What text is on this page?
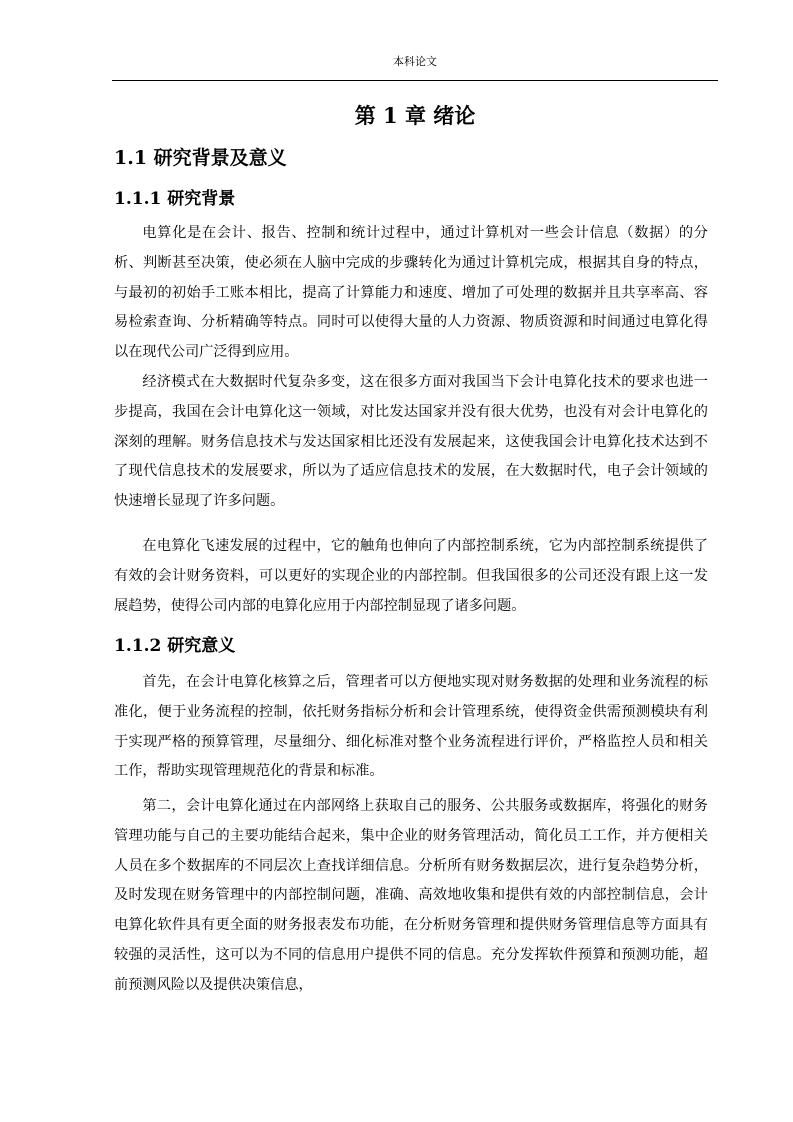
本科论文
第 1 章 绪论
1.1 研究背景及意义
1.1.1 研究背景

电算化是在会计、报告、控制和统计过程中，通过计算机对一些会计信息（数据）的分析、判断甚至决策，使必须在人脑中完成的步骤转化为通过计算机完成，根据其自身的特点，与最初的初始手工账本相比，提高了计算能力和速度、增加了可处理的数据并且共享率高、容易检索查询、分析精确等特点。同时可以使得大量的人力资源、物质资源和时间通过电算化得以在现代公司广泛得到应用。

经济模式在大数据时代复杂多变，这在很多方面对我国当下会计电算化技术的要求也进一步提高，我国在会计电算化这一领域，对比发达国家并没有很大优势，也没有对会计电算化的深刻的理解。财务信息技术与发达国家相比还没有发展起来，这使我国会计电算化技术达到不了现代信息技术的发展要求，所以为了适应信息技术的发展，在大数据时代，电子会计领域的快速增长显现了许多问题。

在电算化飞速发展的过程中，它的触角也伸向了内部控制系统，它为内部控制系统提供了有效的会计财务资料，可以更好的实现企业的内部控制。但我国很多的公司还没有跟上这一发展趋势，使得公司内部的电算化应用于内部控制显现了诸多问题。

1.1.2 研究意义

首先，在会计电算化核算之后，管理者可以方便地实现对财务数据的处理和业务流程的标准化，便于业务流程的控制，依托财务指标分析和会计管理系统，使得资金供需预测模块有利于实现严格的预算管理，尽量细分、细化标准对整个业务流程进行评价，严格监控人员和相关工作，帮助实现管理规范化的背景和标准。

第二，会计电算化通过在内部网络上获取自己的服务、公共服务或数据库，将强化的财务管理功能与自己的主要功能结合起来，集中企业的财务管理活动，简化员工工作，并方便相关人员在多个数据库的不同层次上查找详细信息。分析所有财务数据层次，进行复杂趋势分析，及时发现在财务管理中的内部控制问题，准确、高效地收集和提供有效的内部控制信息，会计电算化软件具有更全面的财务报表发布功能，在分析财务管理和提供财务管理信息等方面具有较强的灵活性，这可以为不同的信息用户提供不同的信息。充分发挥软件预算和预测功能，超前预测风险以及提供决策信息，
